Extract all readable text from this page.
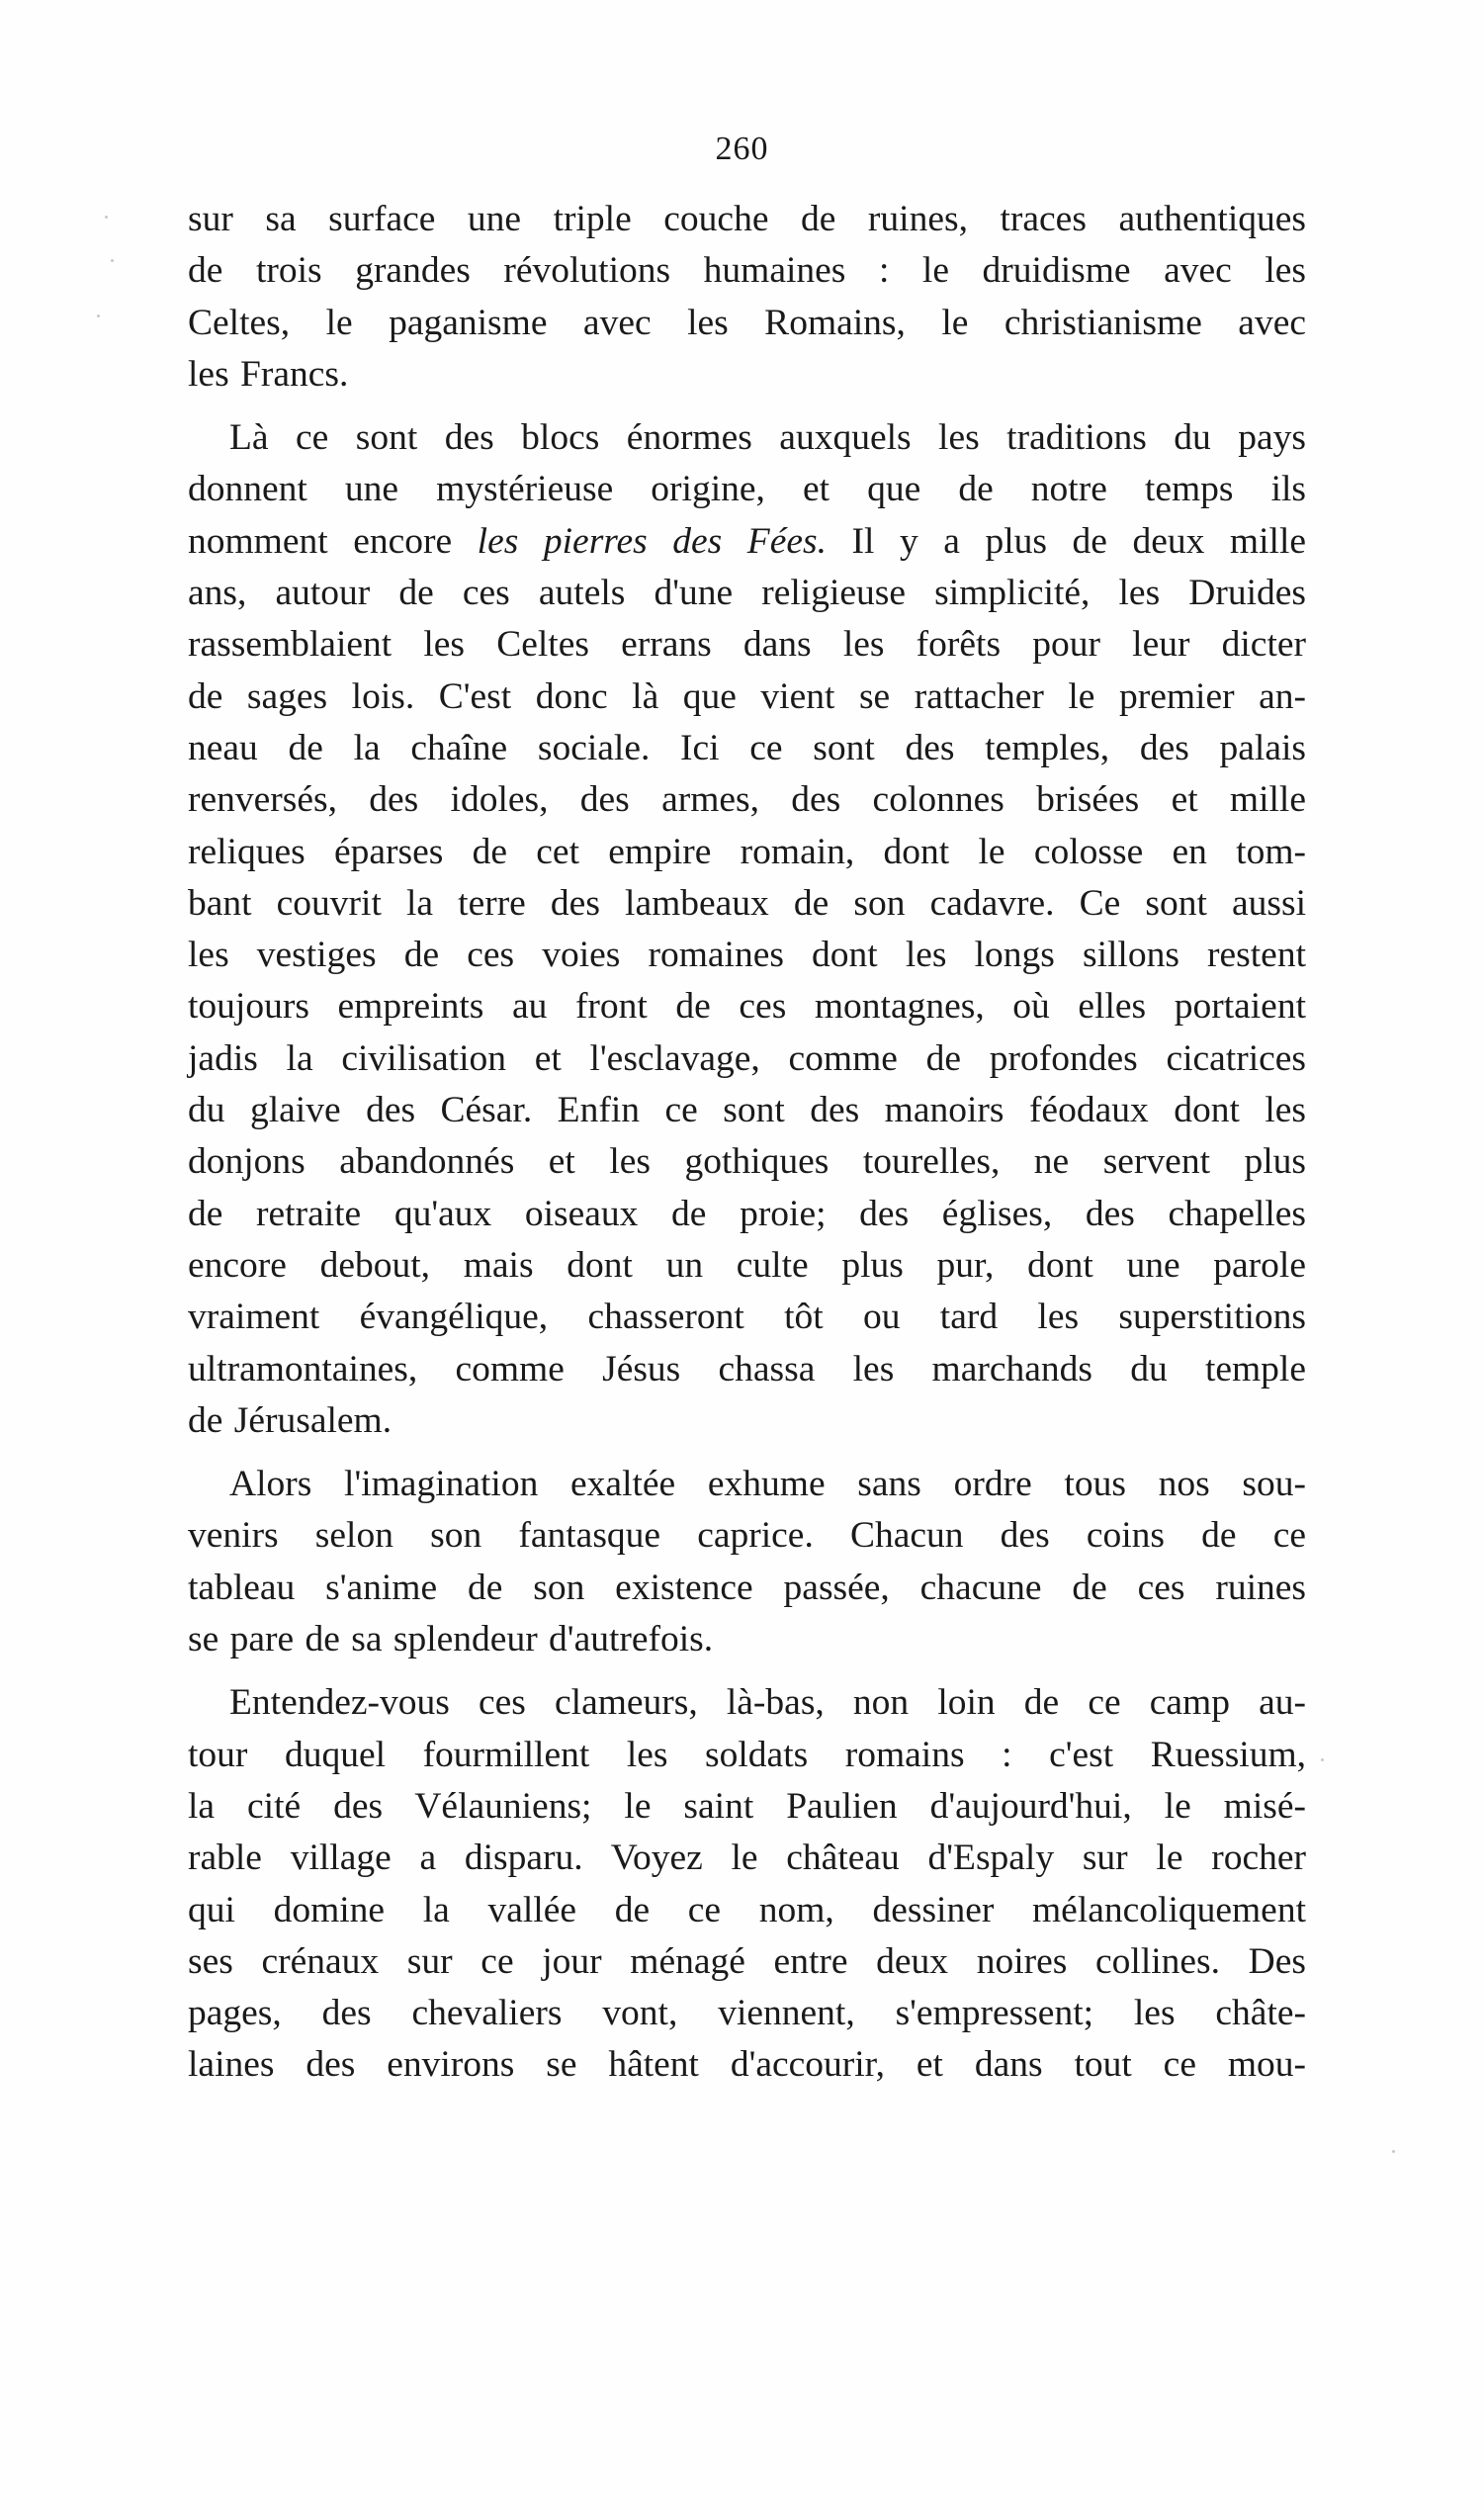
260
sur sa surface une triple couche de ruines, traces authentiques
de trois grandes révolutions humaines : le druidisme avec les
Celtes, le paganisme avec les Romains, le christianisme avec
les Francs.
Là ce sont des blocs énormes auxquels les traditions du pays
donnent une mystérieuse origine, et que de notre temps ils
nomment encore les pierres des Fées. Il y a plus de deux mille
ans, autour de ces autels d'une religieuse simplicité, les Druides
rassemblaient les Celtes errans dans les forêts pour leur dicter
de sages lois. C'est donc là que vient se rattacher le premier an-
neau de la chaîne sociale. Ici ce sont des temples, des palais
renversés, des idoles, des armes, des colonnes brisées et mille
reliques éparses de cet empire romain, dont le colosse en tom-
bant couvrit la terre des lambeaux de son cadavre. Ce sont aussi
les vestiges de ces voies romaines dont les longs sillons restent
toujours empreints au front de ces montagnes, où elles portaient
jadis la civilisation et l'esclavage, comme de profondes cicatrices
du glaive des César. Enfin ce sont des manoirs féodaux dont les
donjons abandonnés et les gothiques tourelles, ne servent plus
de retraite qu'aux oiseaux de proie; des églises, des chapelles
encore debout, mais dont un culte plus pur, dont une parole
vraiment évangélique, chasseront tôt ou tard les superstitions
ultramontaines, comme Jésus chassa les marchands du temple
de Jérusalem.
Alors l'imagination exaltée exhume sans ordre tous nos sou-
venirs selon son fantasque caprice. Chacun des coins de ce
tableau s'anime de son existence passée, chacune de ces ruines
se pare de sa splendeur d'autrefois.
Entendez-vous ces clameurs, là-bas, non loin de ce camp au-
tour duquel fourmillent les soldats romains : c'est Ruessium,
la cité des Vélauniens; le saint Paulien d'aujourd'hui, le misé-
rable village a disparu. Voyez le château d'Espaly sur le rocher
qui domine la vallée de ce nom, dessiner mélancoliquement
ses crénaux sur ce jour ménagé entre deux noires collines. Des
pages, des chevaliers vont, viennent, s'empressent; les châte-
laines des environs se hâtent d'accourir, et dans tout ce mou-
